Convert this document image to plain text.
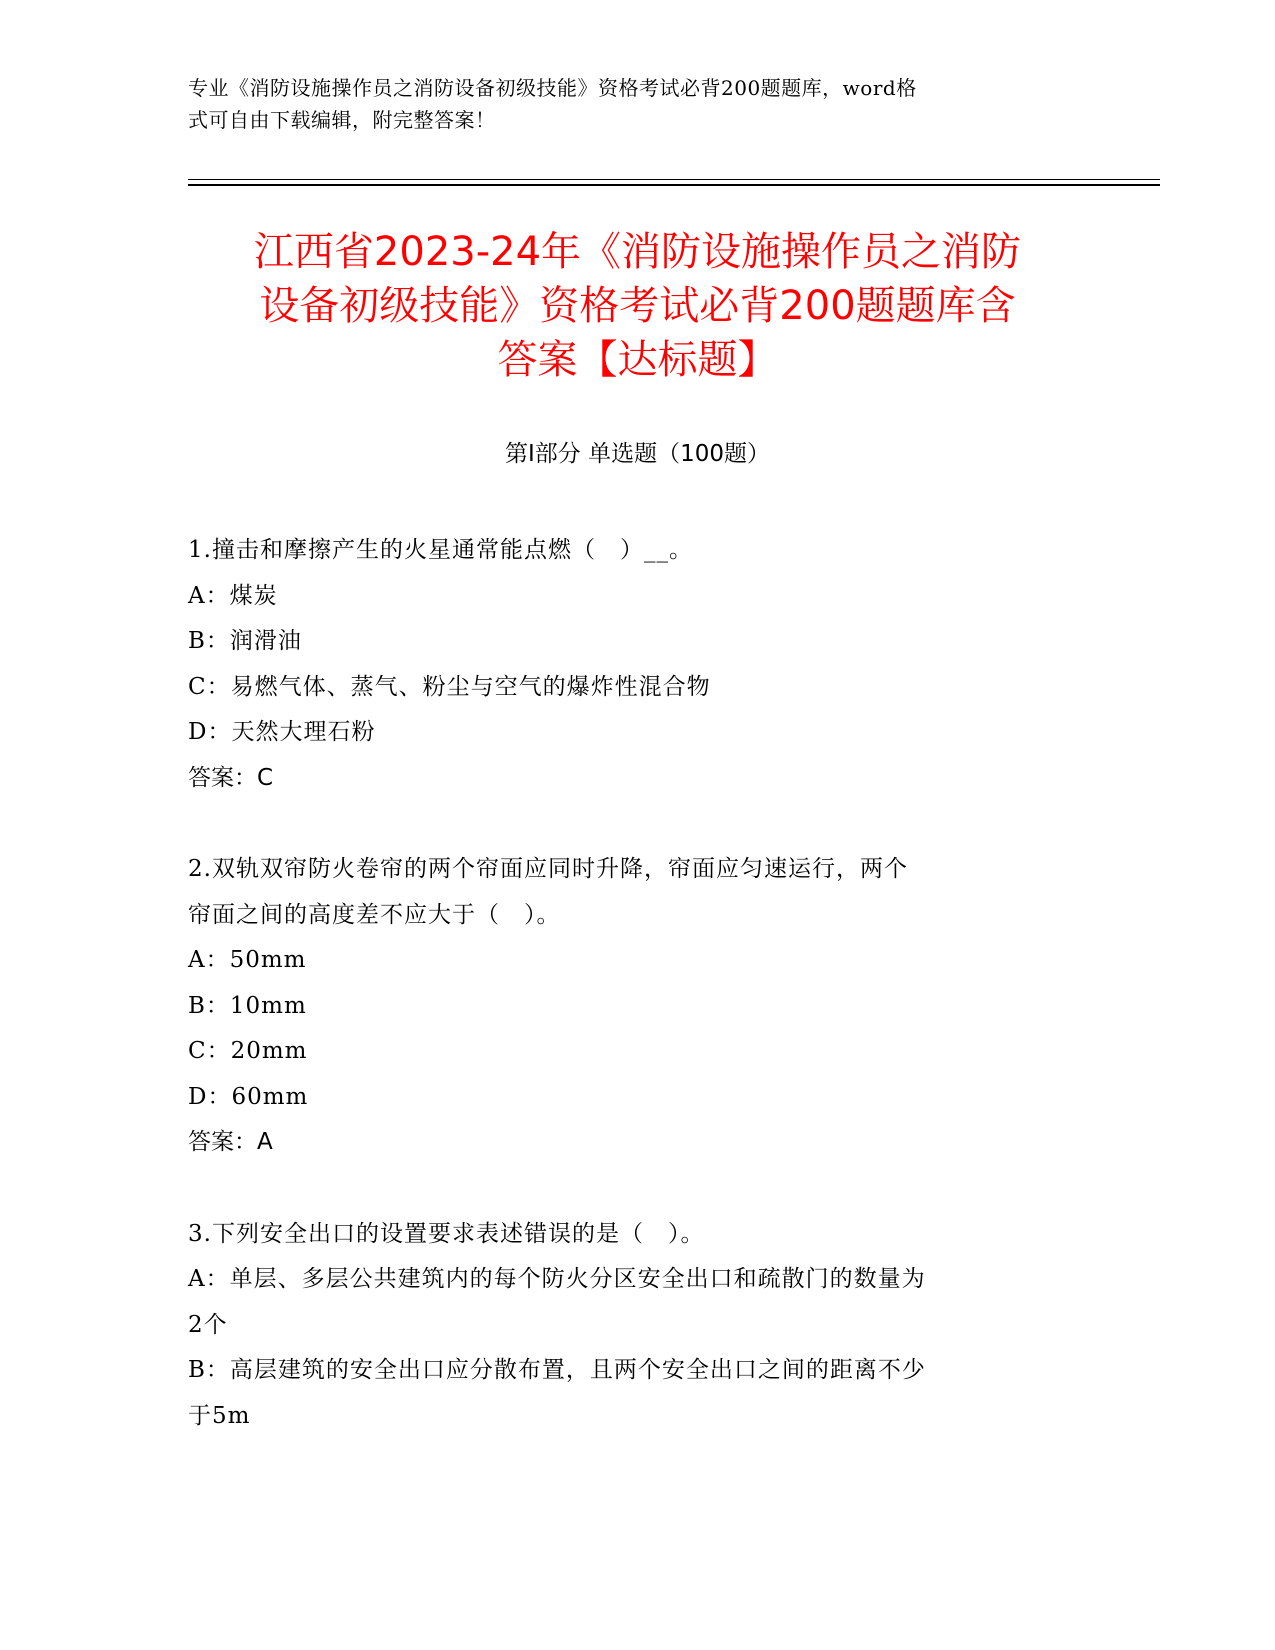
专业《消防设施操作员之消防设备初级技能》资格考试必背200题题库，word格
式可自由下载编辑，附完整答案！
江西省2023-24年《消防设施操作员之消防
设备初级技能》资格考试必背200题题库含
答案【达标题】
第I部分 单选题（100题）

1.撞击和摩擦产生的火星通常能点燃（　）__。

A：煤炭

B：润滑油

C：易燃气体、蒸气、粉尘与空气的爆炸性混合物

D：天然大理石粉

答案：C

2.双轨双帘防火卷帘的两个帘面应同时升降，帘面应匀速运行，两个

帘面之间的高度差不应大于（　）。

A：50mm

B：10mm

C：20mm

D：60mm

答案：A

3.下列安全出口的设置要求表述错误的是（　）。

A：单层、多层公共建筑内的每个防火分区安全出口和疏散门的数量为

2个

B：高层建筑的安全出口应分散布置，且两个安全出口之间的距离不少

于5m
